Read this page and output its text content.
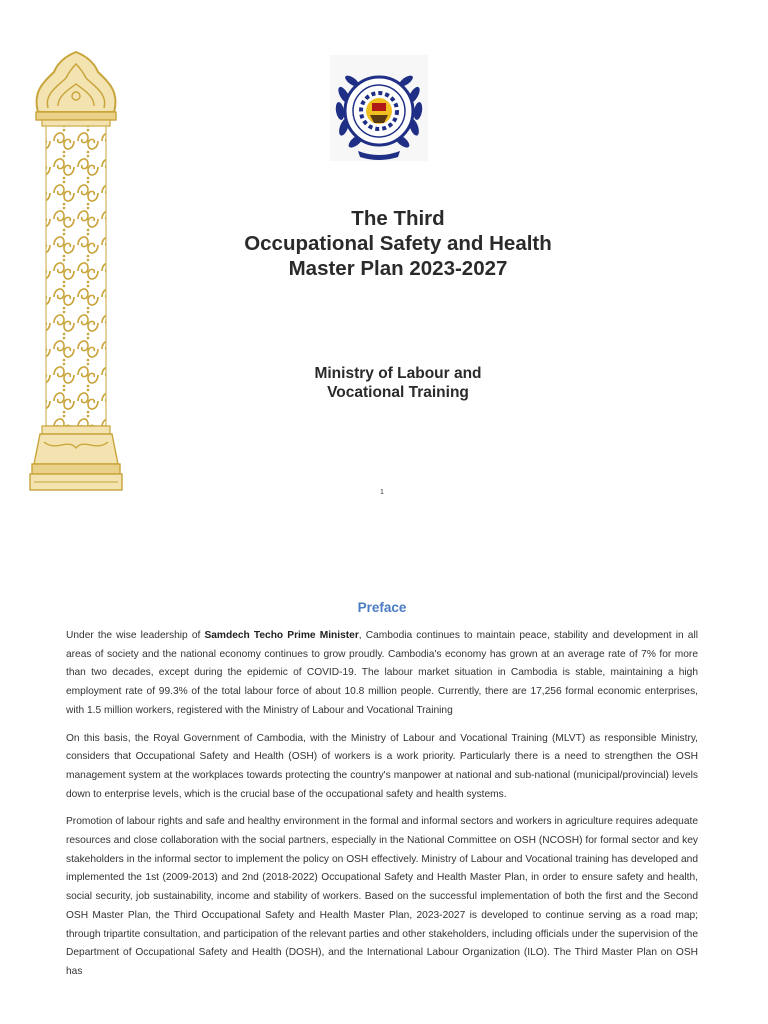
The Third
Occupational Safety and Health
Master Plan 2023-2027
Ministry of Labour and
Vocational Training
1
Preface

Under the wise leadership of Samdech Techo Prime Minister, Cambodia continues to maintain peace, stability and development in all areas of society and the national economy continues to grow proudly. Cambodia's economy has grown at an average rate of 7% for more than two decades, except during the epidemic of COVID-19. The labour market situation in Cambodia is stable, maintaining a high employment rate of 99.3% of the total labour force of about 10.8 million people. Currently, there are 17,256 formal economic enterprises, with 1.5 million workers, registered with the Ministry of Labour and Vocational Training

On this basis, the Royal Government of Cambodia, with the Ministry of Labour and Vocational Training (MLVT) as responsible Ministry, considers that Occupational Safety and Health (OSH) of workers is a work priority. Particularly there is a need to strengthen the OSH management system at the workplaces towards protecting the country's manpower at national and sub-national (municipal/provincial) levels down to enterprise levels, which is the crucial base of the occupational safety and health systems.

Promotion of labour rights and safe and healthy environment in the formal and informal sectors and workers in agriculture requires adequate resources and close collaboration with the social partners, especially in the National Committee on OSH (NCOSH) for formal sector and key stakeholders in the informal sector to implement the policy on OSH effectively. Ministry of Labour and Vocational training has developed and implemented the 1st (2009-2013) and 2nd (2018-2022) Occupational Safety and Health Master Plan, in order to ensure safety and health, social security, job sustainability, income and stability of workers. Based on the successful implementation of both the first and the Second OSH Master Plan, the Third Occupational Safety and Health Master Plan, 2023-2027 is developed to continue serving as a road map; through tripartite consultation, and participation of the relevant parties and other stakeholders, including officials under the supervision of the Department of Occupational Safety and Health (DOSH), and the International Labour Organization (ILO). The Third Master Plan on OSH has
